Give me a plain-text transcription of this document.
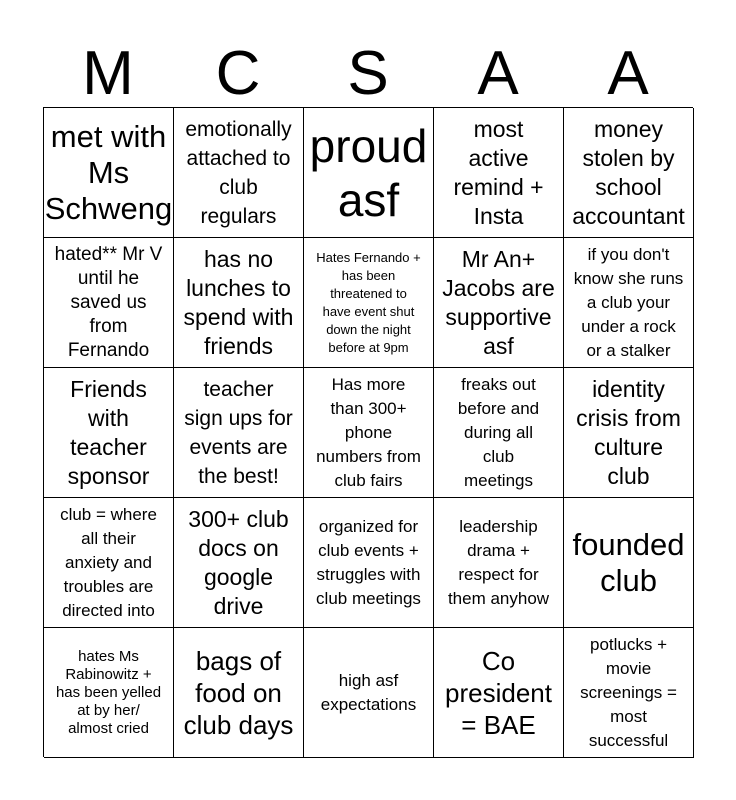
M	C	S	A	A
met with
Ms
Schweng
emotionally
attached to
club
regulars
proud
asf
most
active
remind +
Insta
money
stolen by
school
accountant
hated** Mr V
until he
saved us
from
Fernando
has no
lunches to
spend with
friends
Hates Fernando +
has been
threatened to
have event shut
down the night
before at 9pm
Mr An+
Jacobs are
supportive
asf
if you don't
know she runs
a club your
under a rock
or a stalker
Friends
with
teacher
sponsor
teacher
sign ups for
events are
the best!
Has more
than 300+
phone
numbers from
club fairs
freaks out
before and
during all
club
meetings
identity
crisis from
culture
club
club = where
all their
anxiety and
troubles are
directed into
300+ club
docs on
google
drive
organized for
club events +
struggles with
club meetings
leadership
drama +
respect for
them anyhow
founded
club
hates Ms
Rabinowitz +
has been yelled
at by her/
almost cried
bags of
food on
club days
high asf
expectations
Co
president
= BAE
potlucks +
movie
screenings =
most
successful
